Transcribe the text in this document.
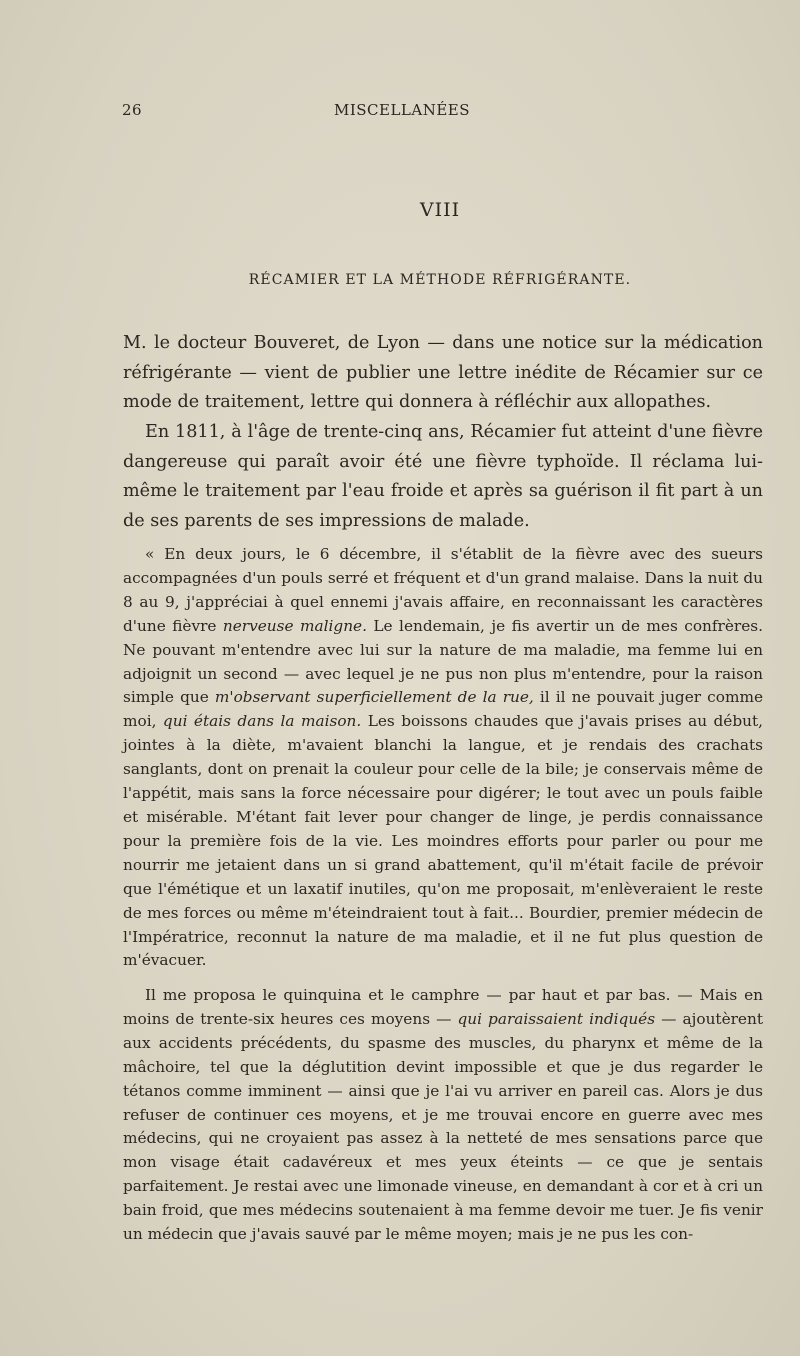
26	MISCELLANÉES
VIII
RÉCAMIER ET LA MÉTHODE RÉFRIGÉRANTE.

M. le docteur Bouveret, de Lyon — dans une notice sur la médication réfrigérante — vient de publier une lettre inédite de Récamier sur ce mode de traitement, lettre qui donnera à réfléchir aux allopathes.

En 1811, à l'âge de trente-cinq ans, Récamier fut atteint d'une fièvre dangereuse qui paraît avoir été une fièvre typhoïde. Il réclama lui-même le traitement par l'eau froide et après sa guérison il fit part à un de ses parents de ses impressions de malade.

« En deux jours, le 6 décembre, il s'établit de la fièvre avec des sueurs accompagnées d'un pouls serré et fréquent et d'un grand malaise. Dans la nuit du 8 au 9, j'appréciai à quel ennemi j'avais affaire, en reconnaissant les caractères d'une fièvre nerveuse maligne. Le lendemain, je fis avertir un de mes confrères. Ne pouvant m'entendre avec lui sur la nature de ma maladie, ma femme lui en adjoignit un second — avec lequel je ne pus non plus m'entendre, pour la raison simple que m'observant superficiellement de la rue, il il ne pouvait juger comme moi, qui étais dans la maison. Les boissons chaudes que j'avais prises au début, jointes à la diète, m'avaient blanchi la langue, et je rendais des crachats sanglants, dont on prenait la couleur pour celle de la bile; je conservais même de l'appétit, mais sans la force nécessaire pour digérer; le tout avec un pouls faible et misérable. M'étant fait lever pour changer de linge, je perdis connaissance pour la première fois de la vie. Les moindres efforts pour parler ou pour me nourrir me jetaient dans un si grand abattement, qu'il m'était facile de prévoir que l'émétique et un laxatif inutiles, qu'on me proposait, m'enlèveraient le reste de mes forces ou même m'éteindraient tout à fait... Bourdier, premier médecin de l'Impératrice, reconnut la nature de ma maladie, et il ne fut plus question de m'évacuer.

Il me proposa le quinquina et le camphre — par haut et par bas. — Mais en moins de trente-six heures ces moyens — qui paraissaient indiqués — ajoutèrent aux accidents précédents, du spasme des muscles, du pharynx et même de la mâchoire, tel que la déglutition devint impossible et que je dus regarder le tétanos comme imminent — ainsi que je l'ai vu arriver en pareil cas. Alors je dus refuser de continuer ces moyens, et je me trouvai encore en guerre avec mes médecins, qui ne croyaient pas assez à la netteté de mes sensations parce que mon visage était cadavéreux et mes yeux éteints — ce que je sentais parfaitement. Je restai avec une limonade vineuse, en demandant à cor et à cri un bain froid, que mes médecins soutenaient à ma femme devoir me tuer. Je fis venir un médecin que j'avais sauvé par le même moyen; mais je ne pus les con-
